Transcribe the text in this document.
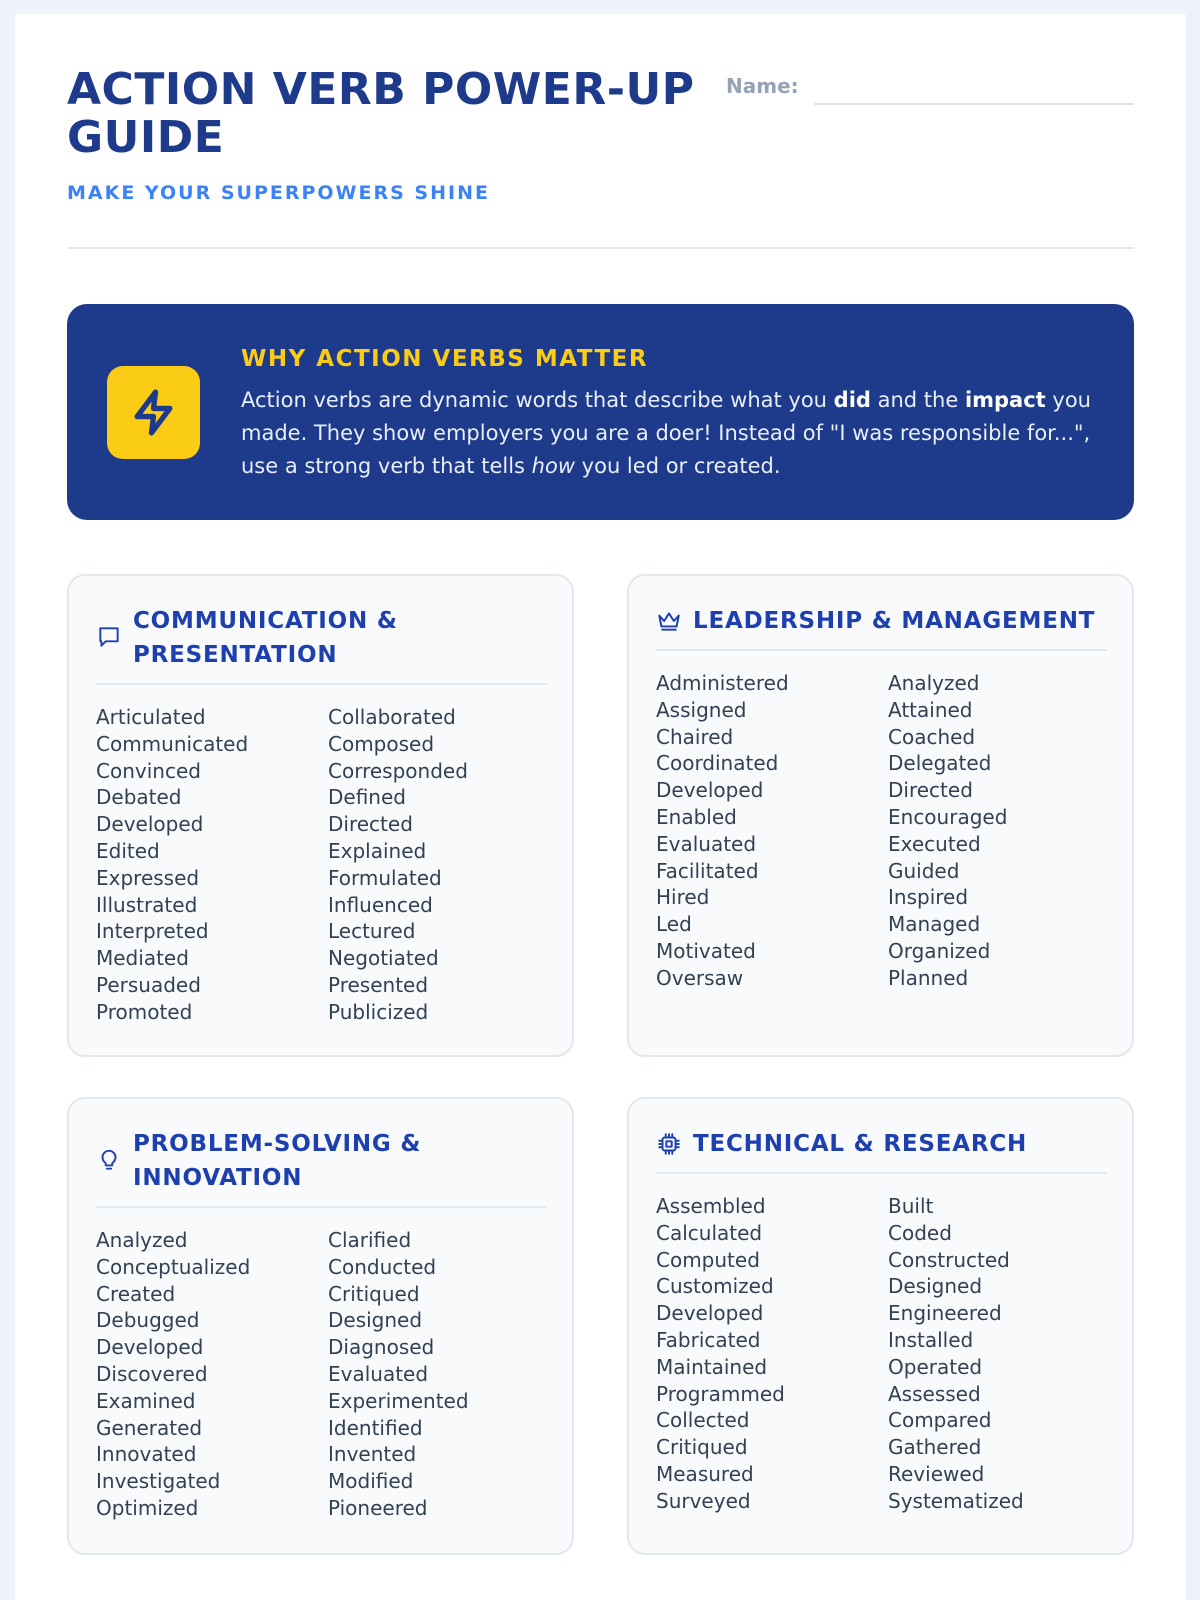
ACTION VERB POWER-UP GUIDE
MAKE YOUR SUPERPOWERS SHINE
Name:
WHY ACTION VERBS MATTER
Action verbs are dynamic words that describe what you did and the impact you made. They show employers you are a doer! Instead of "I was responsible for...", use a strong verb that tells how you led or created.
COMMUNICATION & PRESENTATION
Articulated	Collaborated
Communicated	Composed
Convinced	Corresponded
Debated	Defined
Developed	Directed
Edited	Explained
Expressed	Formulated
Illustrated	Influenced
Interpreted	Lectured
Mediated	Negotiated
Persuaded	Presented
Promoted	Publicized
LEADERSHIP & MANAGEMENT
Administered	Analyzed
Assigned	Attained
Chaired	Coached
Coordinated	Delegated
Developed	Directed
Enabled	Encouraged
Evaluated	Executed
Facilitated	Guided
Hired	Inspired
Led	Managed
Motivated	Organized
Oversaw	Planned
PROBLEM-SOLVING & INNOVATION
Analyzed	Clarified
Conceptualized	Conducted
Created	Critiqued
Debugged	Designed
Developed	Diagnosed
Discovered	Evaluated
Examined	Experimented
Generated	Identified
Innovated	Invented
Investigated	Modified
Optimized	Pioneered
TECHNICAL & RESEARCH
Assembled	Built
Calculated	Coded
Computed	Constructed
Customized	Designed
Developed	Engineered
Fabricated	Installed
Maintained	Operated
Programmed	Assessed
Collected	Compared
Critiqued	Gathered
Measured	Reviewed
Surveyed	Systematized
